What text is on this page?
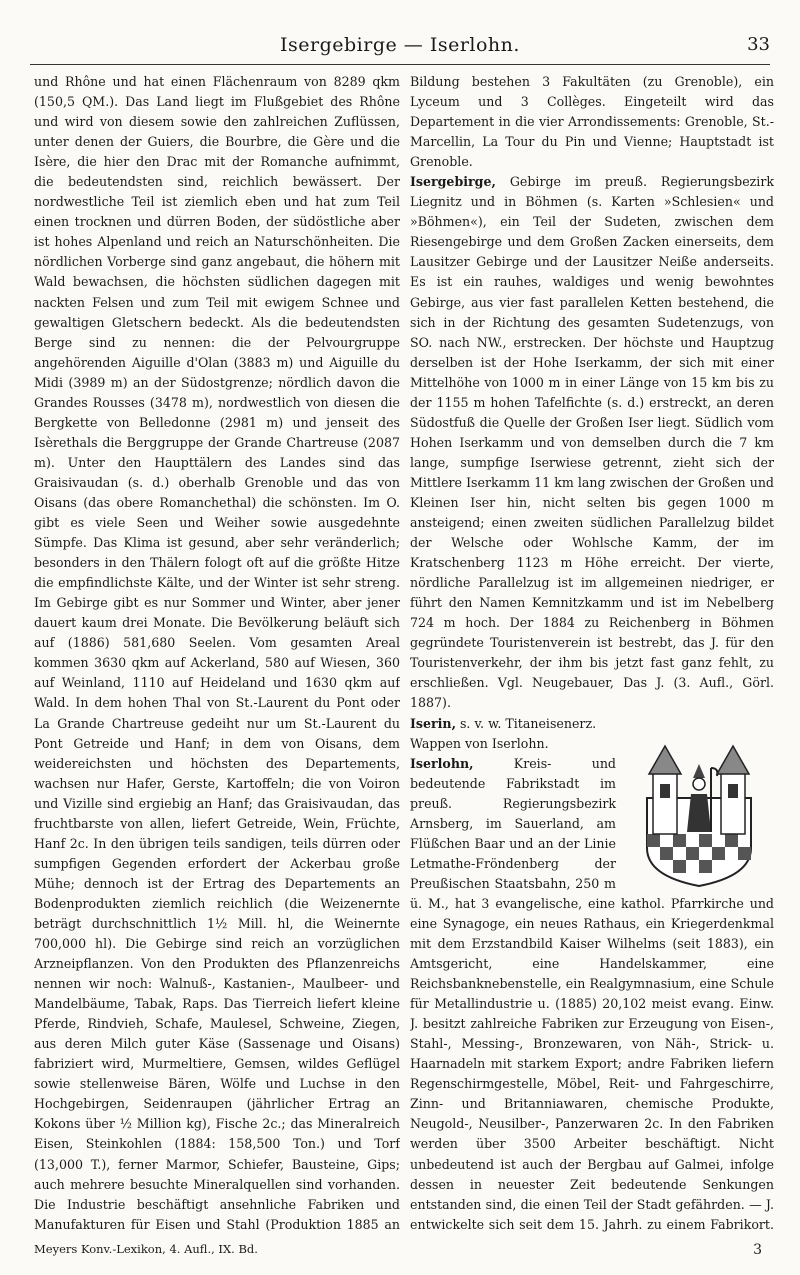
Isergebirge — Iserlohn.	33

und Rhône und hat einen Flächenraum von 8289 qkm (150,5 QM.). Das Land liegt im Flußgebiet des Rhône und wird von diesem sowie den zahlreichen Zuflüssen, unter denen der Guiers, die Bourbre, die Gère und die Isère, die hier den Drac mit der Romanche aufnimmt, die bedeutendsten sind, reichlich bewässert. Der nordwestliche Teil ist ziemlich eben und hat zum Teil einen trocknen und dürren Boden, der südöstliche aber ist hohes Alpenland und reich an Naturschönheiten. Die nördlichen Vorberge sind ganz angebaut, die höhern mit Wald bewachsen, die höchsten südlichen dagegen mit nackten Felsen und zum Teil mit ewigem Schnee und gewaltigen Gletschern bedeckt. Als die bedeutendsten Berge sind zu nennen: die der Pelvourgruppe angehörenden Aiguille d'Olan (3883 m) und Aiguille du Midi (3989 m) an der Südostgrenze; nördlich davon die Grandes Rousses (3478 m), nordwestlich von diesen die Bergkette von Belledonne (2981 m) und jenseit des Isèrethals die Berggruppe der Grande Chartreuse (2087 m). Unter den Haupttälern des Landes sind das Graisivaudan (s. d.) oberhalb Grenoble und das von Oisans (das obere Romanchethal) die schönsten. Im O. gibt es viele Seen und Weiher sowie ausgedehnte Sümpfe. Das Klima ist gesund, aber sehr veränderlich; besonders in den Thälern fologt oft auf die größte Hitze die empfindlichste Kälte, und der Winter ist sehr streng. Im Gebirge gibt es nur Sommer und Winter, aber jener dauert kaum drei Monate. Die Bevölkerung beläuft sich auf (1886) 581,680 Seelen. Vom gesamten Areal kommen 3630 qkm auf Ackerland, 580 auf Wiesen, 360 auf Weinland, 1110 auf Heideland und 1630 qkm auf Wald. In dem hohen Thal von St.-Laurent du Pont oder La Grande Chartreuse gedeiht nur um St.-Laurent du Pont Getreide und Hanf; in dem von Oisans, dem weidereichsten und höchsten des Departements, wachsen nur Hafer, Gerste, Kartoffeln; die von Voiron und Vizille sind ergiebig an Hanf; das Graisivaudan, das fruchtbarste von allen, liefert Getreide, Wein, Früchte, Hanf 2c. In den übrigen teils sandigen, teils dürren oder sumpfigen Gegenden erfordert der Ackerbau große Mühe; dennoch ist der Ertrag des Departements an Bodenprodukten ziemlich reichlich (die Weizenernte beträgt durchschnittlich 1½ Mill. hl, die Weinernte 700,000 hl). Die Gebirge sind reich an vorzüglichen Arzneipflanzen. Von den Produkten des Pflanzenreichs nennen wir noch: Walnuß-, Kastanien-, Maulbeer- und Mandelbäume, Tabak, Raps. Das Tierreich liefert kleine Pferde, Rindvieh, Schafe, Maulesel, Schweine, Ziegen, aus deren Milch guter Käse (Sassenage und Oisans) fabriziert wird, Murmeltiere, Gemsen, wildes Geflügel sowie stellenweise Bären, Wölfe und Luchse in den Hochgebirgen, Seidenraupen (jährlicher Ertrag an Kokons über ½ Million kg), Fische 2c.; das Mineralreich Eisen, Steinkohlen (1884: 158,500 Ton.) und Torf (13,000 T.), ferner Marmor, Schiefer, Bausteine, Gips; auch mehrere besuchte Mineralquellen sind vorhanden. Die Industrie beschäftigt ansehnliche Fabriken und Manufakturen für Eisen und Stahl (Produktion 1885 an

Bildung bestehen 3 Fakultäten (zu Grenoble), ein Lyceum und 3 Collèges. Eingeteilt wird das Departement in die vier Arrondissements: Grenoble, St.-Marcellin, La Tour du Pin und Vienne; Hauptstadt ist Grenoble.

Isergebirge, Gebirge im preuß. Regierungsbezirk Liegnitz und in Böhmen (s. Karten »Schlesien« und »Böhmen«), ein Teil der Sudeten, zwischen dem Riesengebirge und dem Großen Zacken einerseits, dem Lausitzer Gebirge und der Lausitzer Neiße anderseits. Es ist ein rauhes, waldiges und wenig bewohntes Gebirge, aus vier fast parallelen Ketten bestehend, die sich in der Richtung des gesamten Sudetenzugs, von SO. nach NW., erstrecken. Der höchste und Hauptzug derselben ist der Hohe Iserkamm, der sich mit einer Mittelhöhe von 1000 m in einer Länge von 15 km bis zu der 1155 m hohen Tafelfichte (s. d.) erstreckt, an deren Südostfuß die Quelle der Großen Iser liegt. Südlich vom Hohen Iserkamm und von demselben durch die 7 km lange, sumpfige Iserwiese getrennt, zieht sich der Mittlere Iserkamm 11 km lang zwischen der Großen und Kleinen Iser hin, nicht selten bis gegen 1000 m ansteigend; einen zweiten südlichen Parallelzug bildet der Welsche oder Wohlsche Kamm, der im Kratschenberg 1123 m Höhe erreicht. Der vierte, nördliche Parallelzug ist im allgemeinen niedriger, er führt den Namen Kemnitzkamm und ist im Nebelberg 724 m hoch. Der 1884 zu Reichenberg in Böhmen gegründete Touristenverein ist bestrebt, das J. für den Touristenverkehr, der ihm bis jetzt fast ganz fehlt, zu erschließen. Vgl. Neugebauer, Das J. (3. Aufl., Görl. 1887).

Iserin, s. v. w. Titaneisenerz.

Wappen von Iserlohn.
Iserlohn,	Kreis- und bedeutende Fabrikstadt im preuß. Regierungsbezirk Arnsberg, im Sauerland, am Flüßchen Baar und an der Linie Letmathe-Fröndenberg der Preußischen Staatsbahn, 250 m ü. M., hat 3 evangelische, eine kathol. Pfarrkirche und eine Synagoge, ein neues Rathaus, ein Kriegerdenkmal mit dem Erzstandbild Kaiser Wilhelms (seit 1883), ein Amtsgericht, eine Handelskammer, eine Reichsbanknebenstelle, ein Realgymnasium, eine Schule für Metallindustrie u. (1885) 20,102 meist evang. Einw. J. besitzt zahlreiche Fabriken zur Erzeugung von Eisen-, Stahl-, Messing-, Bronzewaren, von Näh-, Strick- u. Haarnadeln mit starkem Export; andre Fabriken liefern Regenschirmgestelle, Möbel, Reit- und Fahrgeschirre, Zinn- und Britanniawaren, chemische Produkte, Neugold-, Neusilber-, Panzerwaren 2c. In den Fabriken werden über 3500 Arbeiter beschäftigt. Nicht unbedeutend ist auch der Bergbau auf Galmei, infolge dessen in neuester Zeit bedeutende Senkungen entstanden sind, die einen Teil der Stadt gefährden. — J. entwickelte sich seit dem 15. Jahrh. zu einem Fabrikort.

Meyers Konv.-Lexikon, 4. Aufl., IX. Bd.	3
